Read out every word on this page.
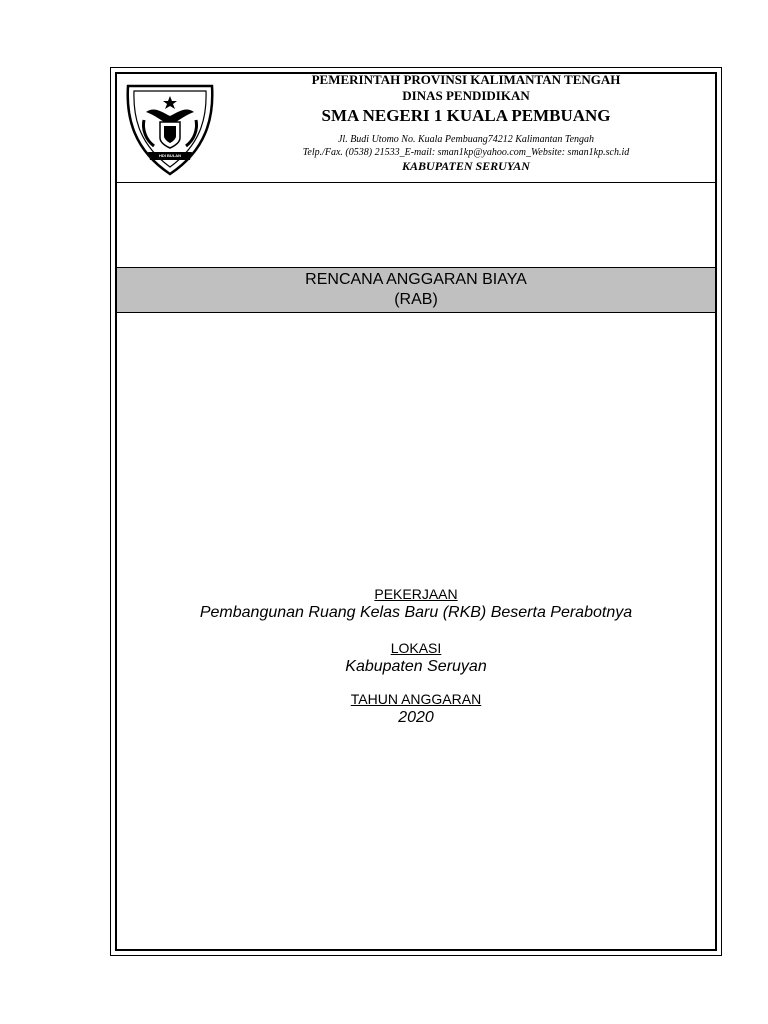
HDI BULAN
PEMERINTAH PROVINSI KALIMANTAN TENGAH
DINAS PENDIDIKAN
SMA NEGERI 1 KUALA PEMBUANG
Jl. Budi Utomo No. Kuala Pembuang74212 Kalimantan Tengah
Telp./Fax. (0538) 21533_E-mail: sman1kp@yahoo.com_Website: sman1kp.sch.id
KABUPATEN SERUYAN
RENCANA ANGGARAN BIAYA
(RAB)
PEKERJAAN
Pembangunan Ruang Kelas Baru (RKB) Beserta Perabotnya
LOKASI
Kabupaten Seruyan
TAHUN ANGGARAN
2020
